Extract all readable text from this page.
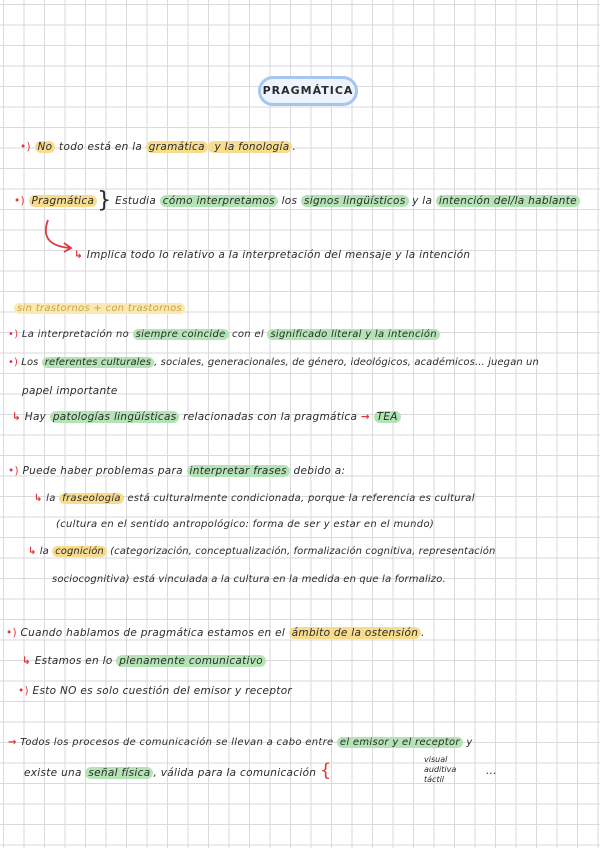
PRAGMÁTICA

•) No todo está en la gramática y la fonología .

•) Pragmática } Estudia cómo interpretamos los signos lingüísticos y la intención del/la hablante

↳ Implica todo lo relativo a la interpretación del mensaje y la intención

sin trastornos + con trastornos

•) La interpretación no siempre coincide con el significado literal y la intención

•) Los referentes culturales , sociales, generacionales, de género, ideológicos, académicos... juegan un

papel importante

↳ Hay patologías lingüísticas relacionadas con la pragmática → TEA

•) Puede haber problemas para interpretar frases debido a:

↳ la fraseología está culturalmente condicionada, porque la referencia es cultural

(cultura en el sentido antropológico: forma de ser y estar en el mundo)

↳ la cognición (categorización, conceptualización, formalización cognitiva, representación

sociocognitiva) está vinculada a la cultura en la medida en que la formalizo.

•) Cuando hablamos de pragmática estamos en el ámbito de la ostensión .

↳ Estamos en lo plenamente comunicativo

•) Esto NO es solo cuestión del emisor y receptor

→ Todos los procesos de comunicación se llevan a cabo entre el emisor y el receptor y

existe una señal física , válida para la comunicación {

visual
auditiva
táctil

...
